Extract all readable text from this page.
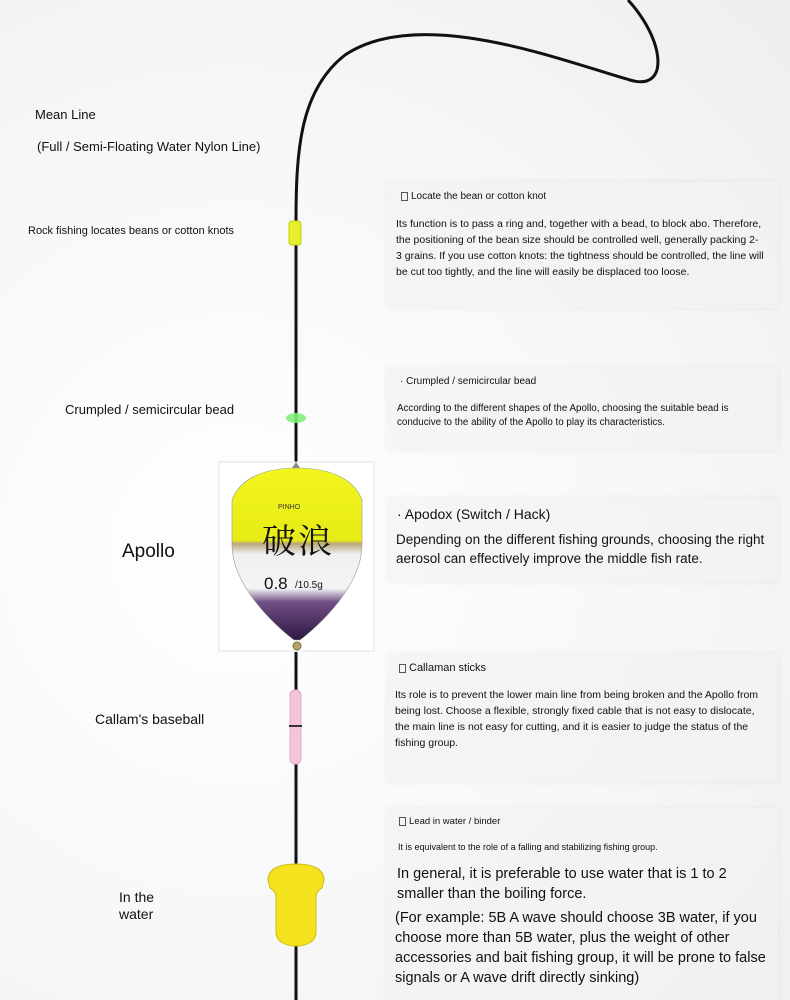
PINHO
破浪
0.8 /10.5g
Mean Line
(Full / Semi-Floating Water Nylon Line)
Rock fishing locates beans or cotton knots
Crumpled / semicircular bead
Apollo
Callam's baseball
In the
water
Locate the bean or cotton knot
Its function is to pass a ring and, together with a bead, to block abo. Therefore, the positioning of the bean size should be controlled well, generally packing 2-3 grains. If you use cotton knots: the tightness should be controlled, the line will be cut too tightly, and the line will easily be displaced too loose.
· Crumpled / semicircular bead
According to the different shapes of the Apollo, choosing the suitable bead is conducive to the ability of the Apollo to play its characteristics.
· Apodox (Switch / Hack)
Depending on the different fishing grounds, choosing the right aerosol can effectively improve the middle fish rate.
Callaman sticks
Its role is to prevent the lower main line from being broken and the Apollo from being lost. Choose a flexible, strongly fixed cable that is not easy to dislocate, the main line is not easy for cutting, and it is easier to judge the status of the fishing group.
Lead in water / binder
It is equivalent to the role of a falling and stabilizing fishing group.
In general, it is preferable to use water that is 1 to 2 smaller than the boiling force.
(For example: 5B A wave should choose 3B water, if you choose more than 5B water, plus the weight of other accessories and bait fishing group, it will be prone to false signals or A wave drift directly sinking)
